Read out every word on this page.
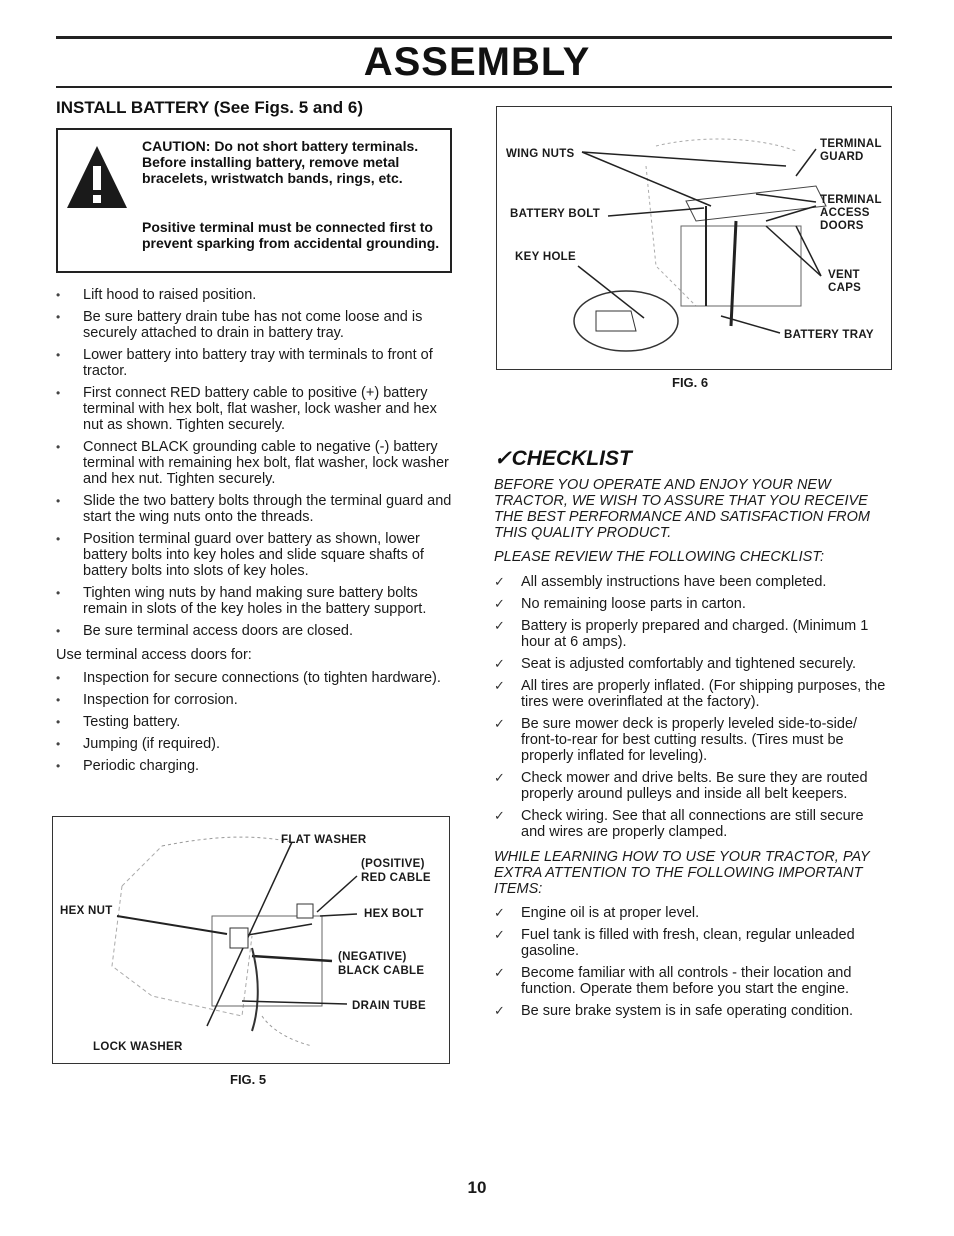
ASSEMBLY
INSTALL BATTERY (See Figs. 5 and 6)
CAUTION: Do not short battery terminals. Before installing battery, remove metal bracelets, wristwatch bands, rings, etc.
Positive terminal must be connected first to prevent sparking from accidental grounding.
• Lift hood to raised position.
• Be sure battery drain tube has not come loose and is securely attached to drain in battery tray.
• Lower battery into battery tray with terminals to front of tractor.
• First connect RED battery cable to positive (+) battery terminal with hex bolt, flat washer, lock washer and hex nut as shown. Tighten securely.
• Connect BLACK grounding cable to negative (-) battery terminal with remaining hex bolt, flat washer, lock washer and hex nut. Tighten securely.
• Slide the two battery bolts through the terminal guard and start the wing nuts onto the threads.
• Position terminal guard over battery as shown, lower battery bolts into key holes and slide square shafts of battery bolts into slots of key holes.
• Tighten wing nuts by hand making sure battery bolts remain in slots of the key holes in the battery support.
• Be sure terminal access doors are closed.
Use terminal access doors for:
• Inspection for secure connections (to tighten hardware).
• Inspection for corrosion.
• Testing battery.
• Jumping (if required).
• Periodic charging.
FLAT WASHER
(POSITIVE)
RED CABLE
HEX NUT	HEX BOLT
(NEGATIVE)
BLACK CABLE
DRAIN TUBE
LOCK WASHER
FIG. 5
WING NUTS
TERMINAL
GUARD
BATTERY BOLT
TERMINAL
ACCESS
DOORS
KEY HOLE
VENT
CAPS
BATTERY TRAY
FIG. 6
✓CHECKLIST
BEFORE YOU OPERATE AND ENJOY YOUR NEW TRACTOR, WE WISH TO ASSURE THAT YOU RECEIVE THE BEST PERFORMANCE AND SATISFACTION FROM THIS QUALITY PRODUCT.
PLEASE REVIEW THE FOLLOWING CHECKLIST:
✓ All assembly instructions have been completed.
✓ No remaining loose parts in carton.
✓ Battery is properly prepared and charged. (Minimum 1 hour at 6 amps).
✓ Seat is adjusted comfortably and tightened securely.
✓ All tires are properly inflated. (For shipping purposes, the tires were overinflated at the factory).
✓ Be sure mower deck is properly leveled side-to-side/ front-to-rear for best cutting results. (Tires must be properly inflated for leveling).
✓ Check mower and drive belts. Be sure they are routed properly around pulleys and inside all belt keepers.
✓ Check wiring. See that all connections are still secure and wires are properly clamped.
WHILE LEARNING HOW TO USE YOUR TRACTOR, PAY EXTRA ATTENTION TO THE FOLLOWING IMPORTANT ITEMS:
✓ Engine oil is at proper level.
✓ Fuel tank is filled with fresh, clean, regular unleaded gasoline.
✓ Become familiar with all controls - their location and function. Operate them before you start the engine.
✓ Be sure brake system is in safe operating condition.
10
